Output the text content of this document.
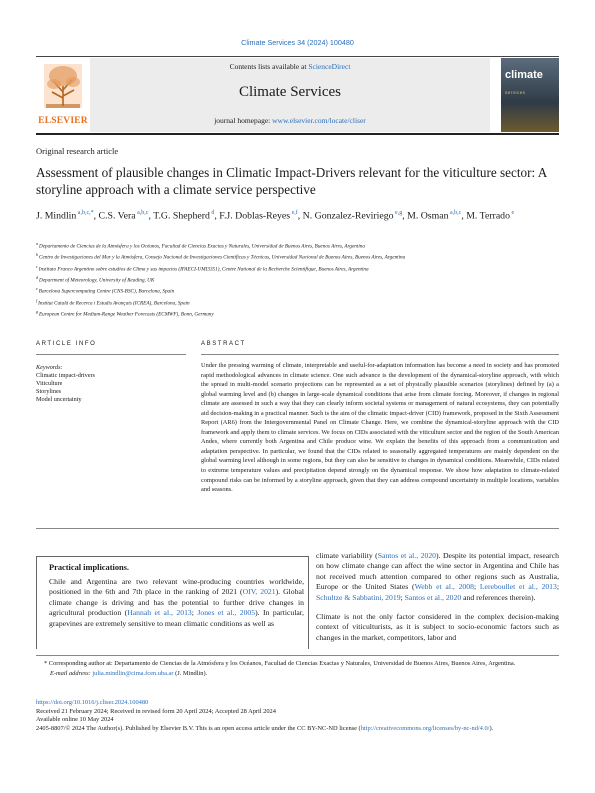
Climate Services 34 (2024) 100480
ELSEVIER
Contents lists available at ScienceDirect
Climate Services
journal homepage: www.elsevier.com/locate/cliser
climate
services
Original research article
Assessment of plausible changes in Climatic Impact-Drivers relevant for the viticulture sector: A storyline approach with a climate service perspective
J. Mindlin $^{a,b,c,*}$, C.S. Vera $^{a,b,c}$, T.G. Shepherd $^d$, F.J. Doblas-Reyes $^{e,f}$, N. Gonzalez-Reviriego $^{e,g}$, M. Osman $^{a,b,c}$, M. Terrado $^e$
$^a$ Departamento de Ciencias de la Atmósfera y los Océanos, Facultad de Ciencias Exactas y Naturales, Universidad de Buenos Aires, Buenos Aires, Argentina
$^b$ Centro de Investigaciones del Mar y la Atmósfera, Consejo Nacional de Investigaciones Científicas y Técnicas, Universidad Nacional de Buenos Aires, Buenos Aires, Argentina
$^c$ Instituto Franco Argentino sobre estudios de Clima y sus impactos (IFAECI-UMI3351), Centre National de la Recherche Scientifique, Buenos Aires, Argentina
$^d$ Department of Meteorology, University of Reading, UK
$^e$ Barcelona Supercomputing Centre (CNS-BSC), Barcelona, Spain
$^f$ Institut Català de Recerca i Estudis Avançats (ICREA), Barcelona, Spain
$^g$ European Centre for Medium-Range Weather Forecasts (ECMWF), Bonn, Germany
ARTICLE INFO	ABSTRACT
Keywords:
Climatic impact-drivers
Viticulture
Storylines
Model uncertainty
Under the pressing warming of climate, interpretable and useful-for-adaptation information has become a need in society and has promoted rapid methodological advances in climate science. One such advance is the development of the dynamical-storyline approach, with which the spread in multi-model scenario projections can be represented as a set of physically plausible scenarios (storylines) defined by (a) a global warming level and (b) changes in large-scale dynamical conditions that arise from climate forcing. Moreover, if changes in regional climate are assessed in such a way that they can clearly inform societal systems or management of natural ecosystems, they can potentially aid decision-making in a practical manner. Such is the aim of the climatic impact-driver (CID) framework, proposed in the Sixth Assessment Report (AR6) from the Intergovernmental Panel on Climate Change. Here, we combine the dynamical-storyline approach with the CID framework and apply them to climate services. We focus on CIDs associated with the viticulture sector and the region of the South American Andes, where currently both Argentina and Chile produce wine. We explain the benefits of this approach from a communication and adaptation perspective. In particular, we found that the CIDs related to seasonally aggregated temperatures are mainly dependent on the global warming level although in some regions, but they can also be sensitive to changes in dynamical conditions. Meanwhile, CIDs related to extreme temperature values and precipitation depend strongly on the dynamical response. We show how adaptation to climate-related compound risks can be informed by a storyline approach, given that they can address compound uncertainty in multiple locations, variables and seasons.
Practical implications.
Chile and Argentina are two relevant wine-producing countries worldwide, positioned in the 6th and 7th place in the ranking of 2021 (OIV, 2021). Global climate change is driving and has the potential to further drive changes in agricultural production (Hannah et al., 2013; Jones et al., 2005). In particular, grapevines are extremely sensitive to mean climatic conditions as well as
climate variability (Santos et al., 2020). Despite its potential impact, research on how climate change can affect the wine sector in Argentina and Chile has not received much attention compared to other regions such as Australia, Europe or the United States (Webb et al., 2008; Lereboullet et al., 2013; Schultze & Sabbatini, 2019; Santos et al., 2020 and references therein).
Climate is not the only factor considered in the complex decision-making context of viticulturists, as it is subject to socio-economic factors such as changes in the market, competitors, labor and
* Corresponding author at: Departamento de Ciencias de la Atmósfera y los Océanos, Facultad de Ciencias Exactas y Naturales, Universidad de Buenos Aires, Buenos Aires, Argentina.
E-mail address: julia.mindlin@cima.fcen.uba.ar (J. Mindlin).
https://doi.org/10.1016/j.cliser.2024.100480
Received 21 February 2024; Received in revised form 20 April 2024; Accepted 28 April 2024
Available online 10 May 2024
2405-8807/© 2024 The Author(s). Published by Elsevier B.V. This is an open access article under the CC BY-NC-ND license (http://creativecommons.org/licenses/by-nc-nd/4.0/).
